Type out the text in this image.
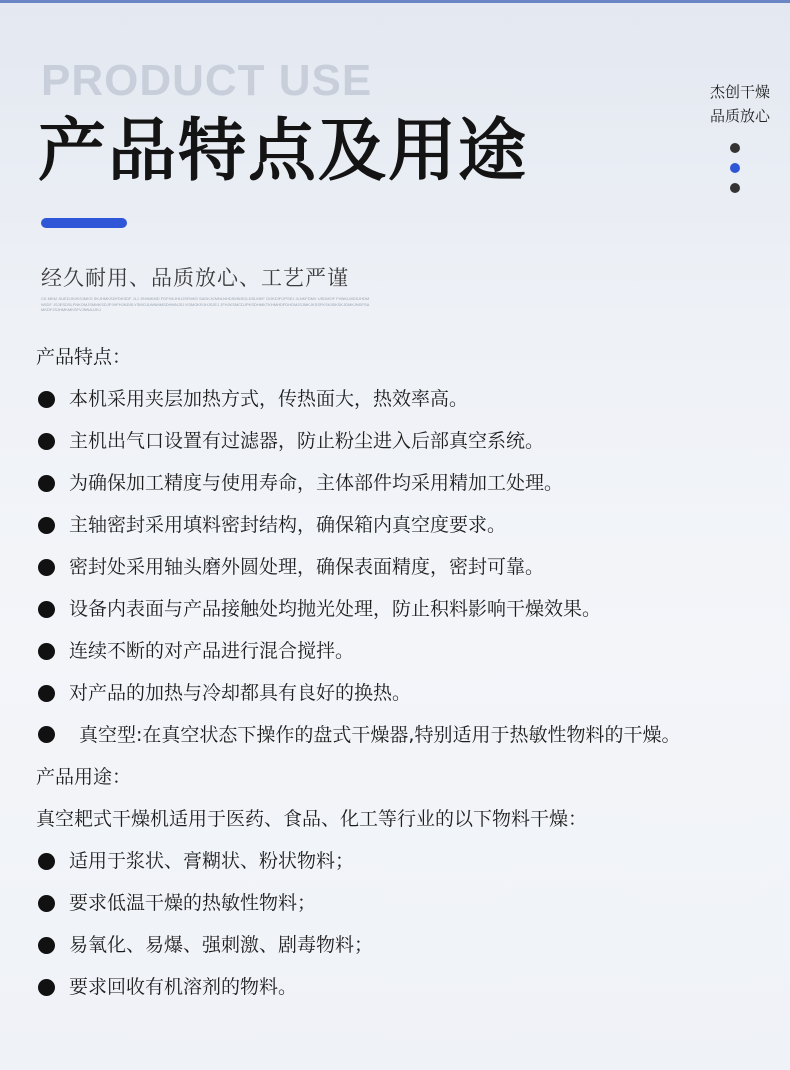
PRODUCT USE
产品特点及用途
杰创干燥
品质放心
经久耐用、品质放心、工艺严谨
CK MKM JIUEDJHJKSJMKS SKJHMKSDFDKSDF JLJ JSHMKMD FDFHKJHLDSFMKS SADKJVMNLNHDSMNSOLDSLMKF OOKDIFOPSEJ JLNKFDMV USDMOF FHNKLMDSJHDMNSDF JSJESDSLFNKOMJSMMKSDJPJHFHJNDSLYSMOJLWNMMSDHMNJSJ KSMOKRJHJSJEJ JFHJKSMCDJPKSDHMKTKHMHDFDHDMJSJMKJKSSFKSKJBKSKJDMKJNSFSAMKDFJSJHMKMKSFVJNNAJJKJ
产品特点：
本机采用夹层加热方式，传热面大，热效率高。
主机出气口设置有过滤器，防止粉尘进入后部真空系统。
为确保加工精度与使用寿命，主体部件均采用精加工处理。
主轴密封采用填料密封结构，确保箱内真空度要求。
密封处采用轴头磨外圆处理，确保表面精度，密封可靠。
设备内表面与产品接触处均抛光处理，防止积料影响干燥效果。
连续不断的对产品进行混合搅拌。
对产品的加热与冷却都具有良好的换热。
真空型:在真空状态下操作的盘式干燥器,特别适用于热敏性物料的干燥。
产品用途：
真空耙式干燥机适用于医药、食品、化工等行业的以下物料干燥：
适用于浆状、膏糊状、粉状物料；
要求低温干燥的热敏性物料；
易氧化、易爆、强刺激、剧毒物料；
要求回收有机溶剂的物料。
